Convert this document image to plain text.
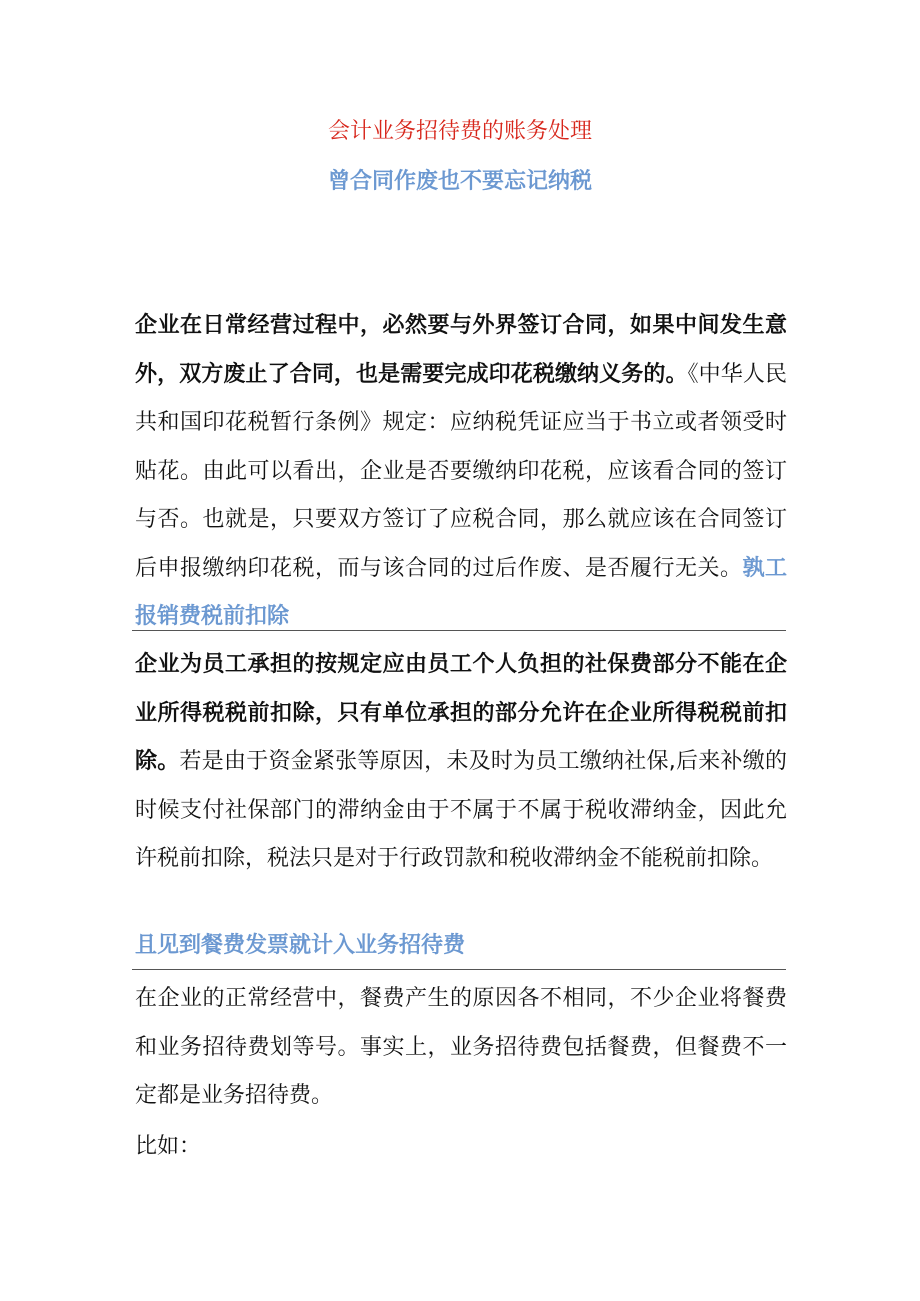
会计业务招待费的账务处理
曾合同作废也不要忘记纳税
企业在日常经营过程中，必然要与外界签订合同，如果中间发生意外，双方废止了合同，也是需要完成印花税缴纳义务的。《中华人民共和国印花税暂行条例》规定：应纳税凭证应当于书立或者领受时贴花。由此可以看出，企业是否要缴纳印花税，应该看合同的签订与否。也就是，只要双方签订了应税合同，那么就应该在合同签订后申报缴纳印花税，而与该合同的过后作废、是否履行无关。孰工报销费税前扣除
企业为员工承担的按规定应由员工个人负担的社保费部分不能在企业所得税税前扣除，只有单位承担的部分允许在企业所得税税前扣除。若是由于资金紧张等原因，未及时为员工缴纳社保,后来补缴的时候支付社保部门的滞纳金由于不属于不属于税收滞纳金，因此允许税前扣除，税法只是对于行政罚款和税收滞纳金不能税前扣除。
且见到餐费发票就计入业务招待费
在企业的正常经营中，餐费产生的原因各不相同，不少企业将餐费和业务招待费划等号。事实上，业务招待费包括餐费，但餐费不一定都是业务招待费。
比如：
